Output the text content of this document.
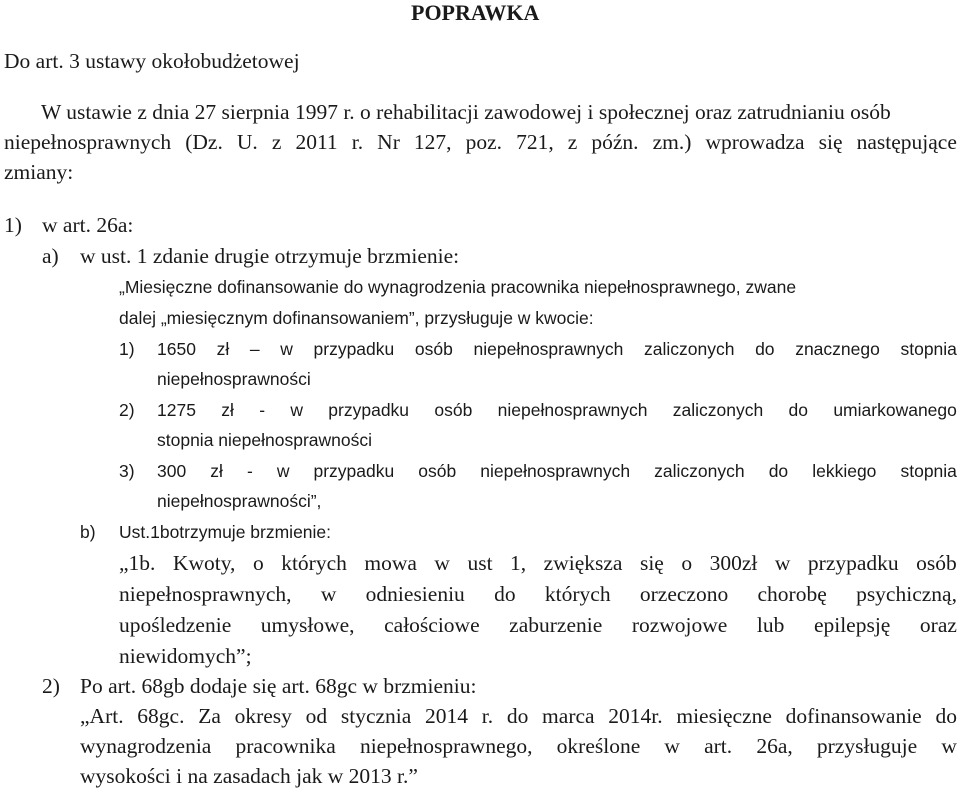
POPRAWKA
Do art. 3 ustawy okołobudżetowej
W ustawie z dnia 27 sierpnia 1997 r. o rehabilitacji zawodowej i społecznej oraz zatrudnianiu osób
niepełnosprawnych (Dz. U. z 2011 r. Nr 127, poz. 721, z późn. zm.) wprowadza się następujące
zmiany:
1) w art. 26a:
a) w ust. 1 zdanie drugie otrzymuje brzmienie:
„Miesięczne dofinansowanie do wynagrodzenia pracownika niepełnosprawnego, zwane
dalej „miesięcznym dofinansowaniem”, przysługuje w kwocie:
1) 1650 zł – w przypadku osób niepełnosprawnych zaliczonych do znacznego stopnia
niepełnosprawności
2) 1275 zł - w przypadku osób niepełnosprawnych zaliczonych do umiarkowanego
stopnia niepełnosprawności
3) 300 zł - w przypadku osób niepełnosprawnych zaliczonych do lekkiego stopnia
niepełnosprawności”,
b) Ust.1botrzymuje brzmienie:
„1b. Kwoty, o których mowa w ust 1, zwiększa się o 300zł w przypadku osób
niepełnosprawnych, w odniesieniu do których orzeczono chorobę psychiczną,
upośledzenie umysłowe, całościowe zaburzenie rozwojowe lub epilepsję oraz
niewidomych”;
2) Po art. 68gb dodaje się art. 68gc w brzmieniu:
„Art. 68gc. Za okresy od stycznia 2014 r. do marca 2014r. miesięczne dofinansowanie do
wynagrodzenia pracownika niepełnosprawnego, określone w art. 26a, przysługuje w
wysokości i na zasadach jak w 2013 r.”
